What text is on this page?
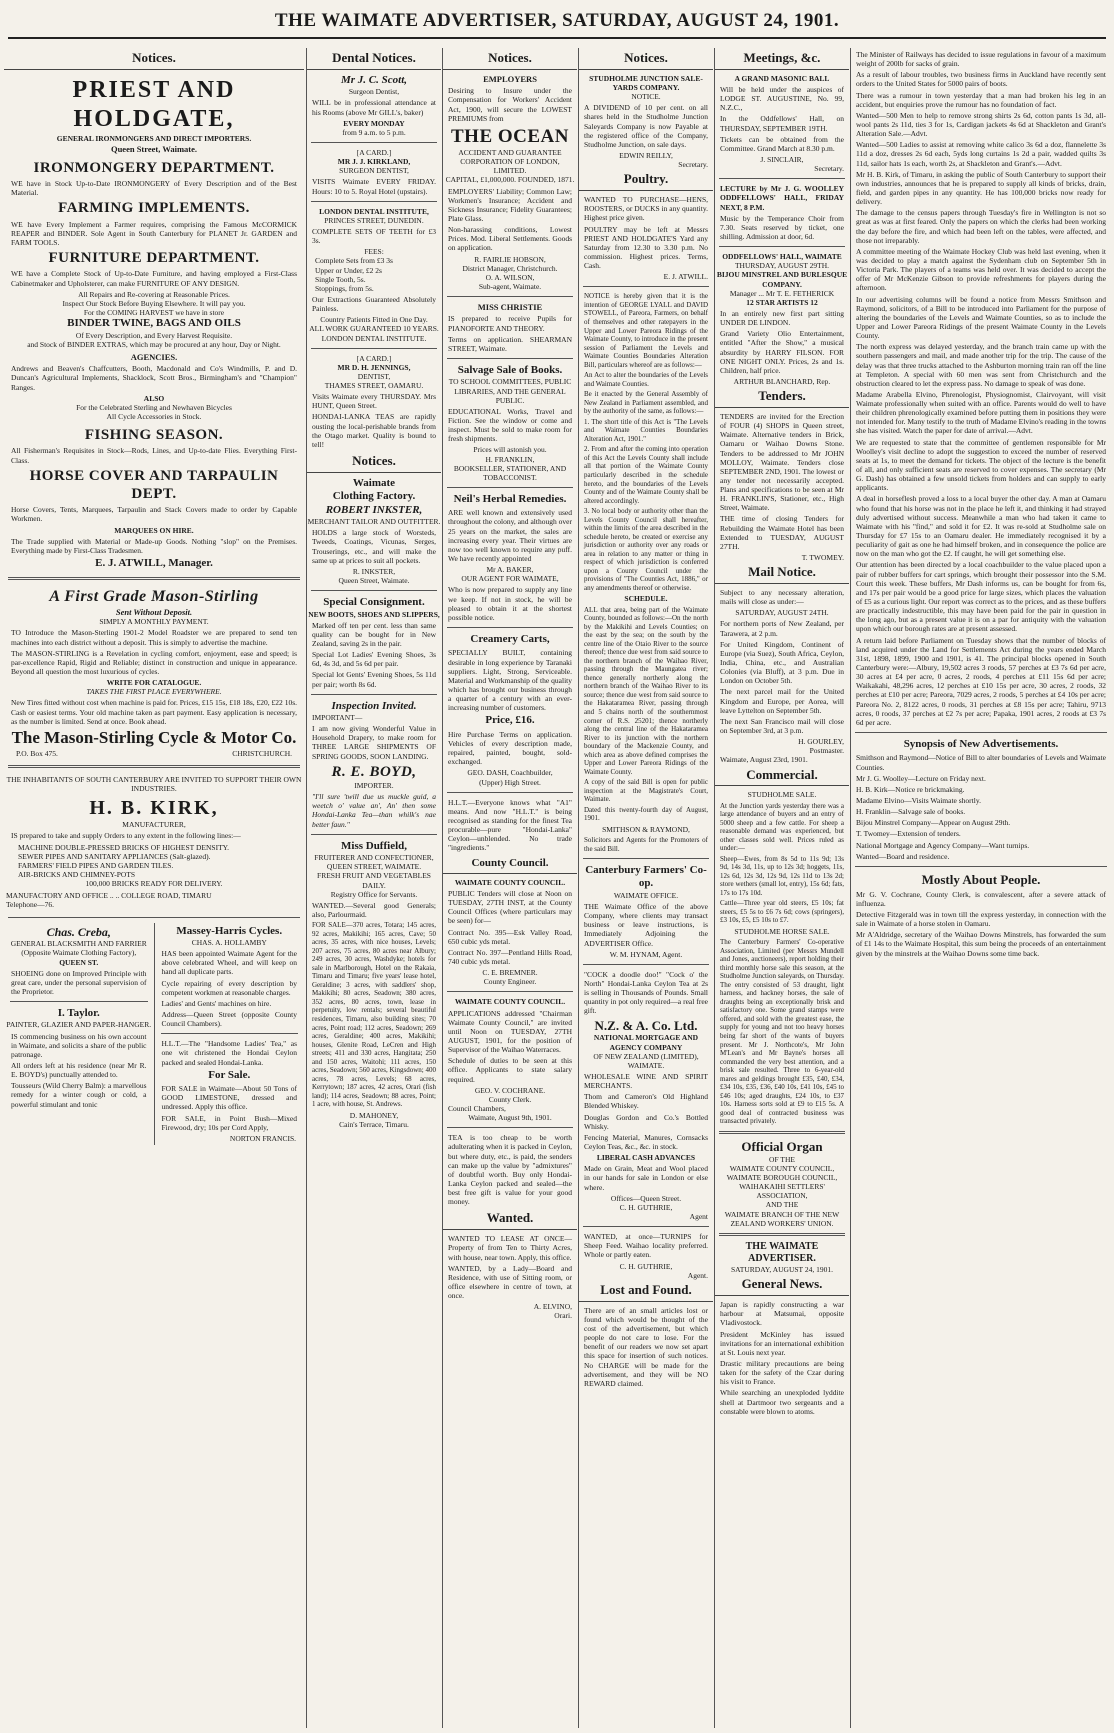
THE WAIMATE ADVERTISER, SATURDAY, AUGUST 24, 1901.
Notices.
PRIEST AND HOLDGATE,
GENERAL IRONMONGERS AND DIRECT IMPORTERS.
Queen Street, Waimate.
IRONMONGERY DEPARTMENT.

WE have in Stock Up-to-Date IRONMONGERY of Every Description and of the Best Material.

FARMING IMPLEMENTS.

WE have Every Implement a Farmer requires, comprising the Famous McCORMICK REAPER and BINDER. Sole Agent in South Canterbury for PLANET Jr. GARDEN and FARM TOOLS.

FURNITURE DEPARTMENT.

WE have a Complete Stock of Up-to-Date Furniture, and having employed a First-Class Cabinetmaker and Upholsterer, can make FURNITURE OF ANY DESIGN.

All Repairs and Re-covering at Reasonable Prices.
Inspect Our Stock Before Buying Elsewhere. It will pay you.
For the COMING HARVEST we have in store
BINDER TWINE, BAGS AND OILS
Of Every Description, and Every Harvest Requisite.
and Stock of BINDER EXTRAS, which may be procured at any hour, Day or Night.
AGENCIES.

Andrews and Beaven's Chaffcutters, Booth, Macdonald and Co's Windmills, P. and D. Duncan's Agricultural Implements, Shacklock, Scott Bros., Birmingham's and "Champion" Ranges.

ALSO
For the Celebrated Sterling and Newhaven Bicycles
All Cycle Accessories in Stock.
FISHING SEASON.

All Fisherman's Requisites in Stock—Rods, Lines, and Up-to-date Flies. Everything First-Class.

HORSE COVER AND TARPAULIN DEPT.

Horse Covers, Tents, Marquees, Tarpaulin and Stack Covers made to order by Capable Workmen.

MARQUEES ON HIRE.

The Trade supplied with Material or Made-up Goods. Nothing "slop" on the Premises. Everything made by First-Class Tradesmen.

E. J. ATWILL, Manager.
A First Grade Mason-Stirling
Sent Without Deposit.
SIMPLY A MONTHLY PAYMENT.

TO Introduce the Mason-Sterling 1901-2 Model Roadster we are prepared to send ten machines into each district without a deposit. This is simply to advertise the machine.

The MASON-STIRLING is a Revelation in cycling comfort, enjoyment, ease and speed; is par-excellence Rapid, Rigid and Reliable; distinct in construction and unique in appearance. Beyond all question the most luxurious of cycles.

WRITE FOR CATALOGUE.
TAKES THE FIRST PLACE EVERYWHERE.

New Tires fitted without cost when machine is paid for. Prices, £15 15s, £18 18s, £20, £22 10s. Cash or easiest terms. Your old machine taken as part payment. Easy application is necessary, as the number is limited. Send at once. Book ahead.

The Mason-Stirling Cycle & Motor Co.
P.O. Box 475.	CHRISTCHURCH.
THE INHABITANTS OF SOUTH CANTERBURY ARE INVITED TO SUPPORT THEIR OWN INDUSTRIES.
H. B. KIRK,
MANUFACTURER,

IS prepared to take and supply Orders to any extent in the following lines:—

MACHINE DOUBLE-PRESSED BRICKS OF HIGHEST DENSITY.
SEWER PIPES AND SANITARY APPLIANCES (Salt-glazed).
FARMERS' FIELD PIPES AND GARDEN TILES.
AIR-BRICKS AND CHIMNEY-POTS
100,000 BRICKS READY FOR DELIVERY.
MANUFACTORY AND OFFICE .. .. COLLEGE ROAD, TIMARU
Telephone—76.
Chas. Creba,
GENERAL BLACKSMITH AND FARRIER
(Opposite Waimate Clothing Factory),
QUEEN ST.

SHOEING done on Improved Principle with great care, under the personal supervision of the Proprietor.

I. Taylor.
PAINTER, GLAZIER AND PAPER-HANGER.

IS commencing business on his own account in Waimate, and solicits a share of the public patronage.

All orders left at his residence (near Mr R. E. BOYD's) punctually attended to.

Tousseurs (Wild Cherry Balm): a marvellous remedy for a winter cough or cold, a powerful stimulant and tonic

Massey-Harris Cycles.
CHAS. A. HOLLAMBY

HAS been appointed Waimate Agent for the above celebrated Wheel, and will keep on hand all duplicate parts.

Cycle repairing of every description by competent workmen at reasonable charges.

Ladies' and Gents' machines on hire.

Address—Queen Street (opposite County Council Chambers).

H.L.T.—The "Handsome Ladies' Tea," as one wit christened the Hondai Ceylon packed and sealed Hondai-Lanka.

For Sale.

FOR SALE in Waimate—About 50 Tons of GOOD LIMESTONE, dressed and undressed. Apply this office.

FOR SALE, in Point Bush—Mixed Firewood, dry; 10s per Cord Apply,

NORTON FRANCIS.
Dental Notices.
Mr J. C. Scott,
Surgeon Dentist,

WILL be in professional attendance at his Rooms (above Mr GILL's, baker)

EVERY MONDAY
from 9 a.m. to 5 p.m.
[A CARD.]
MR J. J. KIRKLAND,
SURGEON DENTIST,

VISITS Waimate EVERY FRIDAY. Hours: 10 to 5. Royal Hotel (upstairs).

LONDON DENTAL INSTITUTE,
PRINCES STREET, DUNEDIN.

COMPLETE SETS OF TEETH for £3 3s.

FEES:
Complete Sets from £3 3s
Upper or Under, £2 2s
Single Tooth, 5s.
Stoppings, from 5s.

Our Extractions Guaranteed Absolutely Painless.

Country Patients Fitted in One Day.
ALL WORK GUARANTEED 10 YEARS.
LONDON DENTAL INSTITUTE.
[A CARD.]
MR D. H. JENNINGS,
DENTIST,
THAMES STREET, OAMARU.

Visits Waimate every THURSDAY. Mrs HUNT, Queen Street.

HONDAI-LANKA TEAS are rapidly ousting the local-perishable brands from the Otago market. Quality is bound to tell!

Notices.
Waimate
Clothing Factory.
ROBERT INKSTER,
MERCHANT TAILOR AND OUTFITTER.

HOLDS a large stock of Worsteds, Tweeds, Coatings, Vicunas, Serges, Trouserings, etc., and will make the same up at prices to suit all pockets.

R. INKSTER,
Queen Street, Waimate.
Special Consignment.
NEW BOOTS, SHOES AND SLIPPERS,

Marked off ten per cent. less than same quality can be bought for in New Zealand, saving 2s in the pair.

Special Lot Ladies' Evening Shoes, 3s 6d, 4s 3d, and 5s 6d per pair.

Special lot Gents' Evening Shoes, 5s 11d per pair; worth 8s 6d.

Inspection Invited.
IMPORTANT—

I am now giving Wonderful Value in Household Drapery, to make room for THREE LARGE SHIPMENTS OF SPRING GOODS, SOON LANDING.

R. E. BOYD,
IMPORTER.

"I'll sure 'twill due us muckle guid, a weetch o' value an', An' then some Hondai-Lanka Tea—than whilk's nae better faun."

Miss Duffield,
FRUITERER AND CONFECTIONER,
QUEEN STREET, WAIMATE.
FRESH FRUIT AND VEGETABLES DAILY.
Registry Office for Servants.

WANTED.—Several good Generals; also, Parlourmaid.

FOR SALE—370 acres, Totara; 145 acres, 92 acres, Makikihi; 165 acres, Cave; 50 acres, 35 acres, with nice houses, Levels; 207 acres, 75 acres, 80 acres near Albury; 249 acres, 30 acres, Washdyke; hotels for sale in Marlborough, Hotel on the Rakaia, Timaru and Timaru; five years' lease hotel, Geraldine; 3 acres, with saddlers' shop, Makikihi; 80 acres, Seadown; 380 acres, 352 acres, 80 acres, town, lease in perpetuity, low rentals; several beautiful residences, Timaru, also building sites; 70 acres, Point road; 112 acres, Seadown; 269 acres, Geraldine; 400 acres, Makikihi; houses, Glenite Road, LeCren and High streets; 411 and 330 acres, Hangitata; 250 and 150 acres, Waitohi; 111 acres, 150 acres, Seadown; 560 acres, Kingsdown; 400 acres, 78 acres, Levels; 68 acres, Kerrytown; 187 acres, 42 acres, Orari (fish land); 114 acres, Seadown; 88 acres, Point; 1 acre, with house, St. Andrews.

D. MAHONEY,
Cain's Terrace, Timaru.
Notices.
EMPLOYERS

Desiring to Insure under the Compensation for Workers' Accident Act, 1900, will secure the LOWEST PREMIUMS from

THE OCEAN
ACCIDENT AND GUARANTEE
CORPORATION OF LONDON,
LIMITED.
CAPITAL, £1,000,000. FOUNDED, 1871.

EMPLOYERS' Liability; Common Law; Workmen's Insurance; Accident and Sickness Insurance; Fidelity Guarantees; Plate Glass.

Non-harassing conditions, Lowest Prices. Mod. Liberal Settlements. Goods on application.

R. FAIRLIE HOBSON,
District Manager, Christchurch.
O. A. WILSON,
Sub-agent, Waimate.
MISS CHRISTIE

IS prepared to receive Pupils for PIANOFORTE AND THEORY.

Terms on application. SHEARMAN STREET, Waimate.

Salvage Sale of Books.
TO SCHOOL COMMITTEES, PUBLIC LIBRARIES, AND THE GENERAL PUBLIC.

EDUCATIONAL Works, Travel and Fiction. See the window or come and inspect. Must be sold to make room for fresh shipments.

Prices will astonish you.
H. FRANKLIN,
BOOKSELLER, STATIONER, AND TOBACCONIST.
Neil's Herbal Remedies.

ARE well known and extensively used throughout the colony, and although over 25 years on the market, the sales are increasing every year. Their virtues are now too well known to require any puff. We have recently appointed

Mr A. BAKER,
OUR AGENT FOR WAIMATE,

Who is now prepared to supply any line we keep. If not in stock, he will be pleased to obtain it at the shortest possible notice.

Creamery Carts,

SPECIALLY BUILT, containing desirable in long experience by Taranaki suppliers. Light, Strong, Serviceable. Material and Workmanship of the quality which has brought our business through a quarter of a century with an ever-increasing number of customers.

Price, £16.

Hire Purchase Terms on application. Vehicles of every description made, repaired, painted, bought, sold-exchanged.

GEO. DASH, Coachbuilder,
(Upper) High Street.

H.L.T.—Everyone knows what "A1" means. And now "H.L.T." is being recognised as standing for the finest Tea procurable—pure "Hondai-Lanka" Ceylon—unblended. No trade "ingredients."

County Council.
WAIMATE COUNTY COUNCIL.

PUBLIC Tenders will close at Noon on TUESDAY, 27TH INST, at the County Council Offices (where particulars may be seen) for—

Contract No. 395—Esk Valley Road, 650 cubic yds metal.

Contract No. 397—Pentland Hills Road, 740 cubic yds metal.

C. E. BREMNER.
County Engineer.
WAIMATE COUNTY COUNCIL.

APPLICATIONS addressed "Chairman Waimate County Council," are invited until Noon on TUESDAY, 27TH AUGUST, 1901, for the position of Supervisor of the Waihao Waterraces.

Schedule of duties to be seen at this office. Applicants to state salary required.

GEO. V. COCHRANE.
County Clerk.
Council Chambers,
Waimate, August 9th, 1901.

TEA is too cheap to be worth adulterating when it is packed in Ceylon, but where duty, etc., is paid, the senders can make up the value by "admixtures" of doubtful worth. Buy only Hondai-Lanka Ceylon packed and sealed—the best free gift is value for your good money.

Wanted.

WANTED TO LEASE AT ONCE—Property of from Ten to Thirty Acres, with house, near town. Apply, this office.

WANTED, by a Lady—Board and Residence, with use of Sitting room, or office elsewhere in centre of town, at once.

A. ELVINO,
Orari.
Notices.
STUDHOLME JUNCTION SALE-YARDS COMPANY.
NOTICE.

A DIVIDEND of 10 per cent. on all shares held in the Studholme Junction Saleyards Company is now Payable at the registered office of the Company, Studholme Junction, on sale days.

EDWIN REILLY,
Secretary.
Poultry.

WANTED TO PURCHASE—HENS, ROOSTERS, or DUCKS in any quantity. Highest price given.

POULTRY may be left at Messrs PRIEST AND HOLDGATE'S Yard any Saturday from 12.30 to 3.30 p.m. No commission. Highest prices. Terms, Cash.

E. J. ATWILL.

NOTICE is hereby given that it is the intention of GEORGE LYALL and DAVID STOWELL, of Pareora, Farmers, on behalf of themselves and other ratepayers in the Upper and Lower Pareora Ridings of the Waimate County, to introduce in the present session of Parliament the Levels and Waimate Counties Boundaries Alteration Bill, particulars whereof are as follows:—

An Act to alter the boundaries of the Levels and Waimate Counties.

Be it enacted by the General Assembly of New Zealand in Parliament assembled, and by the authority of the same, as follows:—

1. The short title of this Act is "The Levels and Waimate Counties Boundaries Alteration Act, 1901."

2. From and after the coming into operation of this Act the Levels County shall include all that portion of the Waimate County particularly described in the schedule hereto, and the boundaries of the Levels County and of the Waimate County shall be altered accordingly.

3. No local body or authority other than the Levels County Council shall hereafter, within the limits of the area described in the schedule hereto, be created or exercise any jurisdiction or authority over any roads or area in relation to any matter or thing in respect of which jurisdiction is conferred upon a County Council under the provisions of "The Counties Act, 1886," or any amendments thereof or otherwise.

SCHEDULE.

ALL that area, being part of the Waimate County, bounded as follows:—On the north by the Makikihi and Levels Counties; on the east by the sea; on the south by the centre line of the Otaio River to the source thereof; thence due west from said source to the northern branch of the Waihao River, passing through the Maungatea river; thence generally northerly along the northern branch of the Waihao River to its source; thence due west from said source to the Hakataramea River, passing through and 5 chains north of the southernmost corner of R.S. 25201; thence northerly along the central line of the Hakataramea River to its junction with the northern boundary of the Mackenzie County, and which area as above defined comprises the Upper and Lower Pareora Ridings of the Waimate County.

A copy of the said Bill is open for public inspection at the Magistrate's Court, Waimate.

Dated this twenty-fourth day of August, 1901.

SMITHSON & RAYMOND,

Solicitors and Agents for the Promoters of the said Bill.

Canterbury Farmers' Co-op.
WAIMATE OFFICE.

THE Waimate Office of the above Company, where clients may transact business or leave instructions, is Immediately Adjoining the ADVERTISER Office.

W. M. HYNAM, Agent.

"COCK a doodle doo!" "Cock o' the North" Hondai-Lanka Ceylon Tea at 2s is selling in Thousands of Pounds. Small quantity in pot only required—a real free gift.

N.Z. & A. Co. Ltd.
NATIONAL MORTGAGE AND AGENCY COMPANY
OF NEW ZEALAND (LIMITED), WAIMATE.

WHOLESALE WINE AND SPIRIT MERCHANTS.

Thom and Cameron's Old Highland Blended Whiskey.

Douglas Gordon and Co.'s Bottled Whisky.

Fencing Material, Manures, Cornsacks Ceylon Teas, &c., &c. in stock.

LIBERAL CASH ADVANCES

Made on Grain, Meat and Wool placed in our hands for sale in London or else where.

Offices—Queen Street.
C. H. GUTHRIE,
Agent

WANTED, at once—TURNIPS for Sheep Feed. Waihao locality preferred. Whole or partly eaten.

C. H. GUTHRIE,
Agent.
Lost and Found.

There are of an small articles lost or found which would be thought of the cost of the advertisement, but which people do not care to lose. For the benefit of our readers we now set apart this space for insertion of such notices. No CHARGE will be made for the advertisement, and they will be NO REWARD claimed.

Meetings, &c.
A GRAND MASONIC BALL

Will be held under the auspices of LODGE ST. AUGUSTINE, No. 99, N.Z.C.,

In the Oddfellows' Hall, on THURSDAY, SEPTEMBER 19TH.

Tickets can be obtained from the Committee. Grand March at 8.30 p.m.

J. SINCLAIR,
Secretary.

LECTURE by Mr J. G. WOOLLEY ODDFELLOWS' HALL, FRIDAY NEXT, 8 P.M.

Music by the Temperance Choir from 7.30. Seats reserved by ticket, one shilling. Admission at door, 6d.

ODDFELLOWS' HALL, WAIMATE
THURSDAY, AUGUST 29TH.
BIJOU MINSTREL AND BURLESQUE COMPANY.
Manager ... Mr T. E. FETHERICK
12 STAR ARTISTS 12

In an entirely new first part sitting UNDER DE LINDON.

Grand Variety Olio Entertainment, entitled "After the Show," a musical absurdity by HARRY FILSON. FOR ONE NIGHT ONLY. Prices, 2s and 1s. Children, half price.

ARTHUR BLANCHARD, Rep.
Tenders.

TENDERS are invited for the Erection of FOUR (4) SHOPS in Queen street, Waimate. Alternative tenders in Brick, Oamaru or Waihao Downs Stone. Tenders to be addressed to Mr JOHN MOLLOY, Waimate. Tenders close SEPTEMBER 2ND, 1901. The lowest or any tender not necessarily accepted. Plans and specifications to be seen at Mr H. FRANKLIN'S, Stationer, etc., High Street, Waimate.

THE time of closing Tenders for Rebuilding the Waimate Hotel has been Extended to TUESDAY, AUGUST 27TH.

T. TWOMEY.
Mail Notice.

Subject to any necessary alteration, mails will close as under:—

SATURDAY, AUGUST 24TH.

For northern ports of New Zealand, per Tarawera, at 2 p.m.

For United Kingdom, Continent of Europe (via Suez), South Africa, Ceylon, India, China, etc., and Australian Colonies (via Bluff), at 3 p.m. Due in London on October 5th.

The next parcel mail for the United Kingdom and Europe, per Aorea, will leave Lyttelton on September 5th.

The next San Francisco mail will close on September 3rd, at 3 p.m.

H. GOURLEY,
Postmaster.
Waimate, August 23rd, 1901.
Commercial.
STUDHOLME SALE.

At the Junction yards yesterday there was a large attendance of buyers and an entry of 5000 sheep and a few cattle. For sheep a reasonable demand was experienced, but other classes sold well. Prices ruled as under:—

Sheep—Ewes, from 8s 5d to 11s 9d; 13s 9d, 14s 3d, 11s, up to 12s 3d; hoggets, 11s, 12s 6d, 12s 3d, 12s 9d, 12s 11d to 13s 2d; store wethers (small lot, entry), 15s 6d; fats, 17s to 17s 10d.

Cattle—Three year old steers, £5 10s; fat steers, £5 5s to £6 7s 6d; cows (springers), £3 10s, £5, £5 10s to £7.

STUDHOLME HORSE SALE.

The Canterbury Farmers' Co-operative Association, Limited (per Messrs Mundell and Jones, auctioneers), report holding their third monthly horse sale this season, at the Studholme Junction saleyards, on Thursday. The entry consisted of 53 draught, light harness, and hackney horses, the sale of draughts being an exceptionally brisk and satisfactory one. Some grand stamps were offered, and sold with the greatest ease, the supply for young and not too heavy horses being far short of the wants of buyers present. Mr J. Northcote's, Mr John M'Lean's and Mr Bayne's horses all commanded the very best attention, and a brisk sale resulted. Three to 6-year-old mares and geldings brought £35, £40, £34, £34 10s, £35, £36, £40 10s, £41 10s, £45 to £46 10s; aged draughts, £24 10s, to £37 10s. Harness sorts sold at £9 to £15 5s. A good deal of contracted business was transacted privately.

Official Organ
OF THE
WAIMATE COUNTY COUNCIL,
WAIMATE BOROUGH COUNCIL,
WAIHAKAIHI SETTLERS' ASSOCIATION,
AND THE
WAIMATE BRANCH OF THE NEW ZEALAND WORKERS' UNION.
THE WAIMATE ADVERTISER.
SATURDAY, AUGUST 24, 1901.
General News.

Japan is rapidly constructing a war harbour at Matsumai, opposite Vladivostock.

President McKinley has issued invitations for an international exhibition at St. Louis next year.

Drastic military precautions are being taken for the safety of the Czar during his visit to France.

While searching an unexploded lyddite shell at Dartmoor two sergeants and a constable were blown to atoms.

The Minister of Railways has decided to issue regulations in favour of a maximum weight of 200lb for sacks of grain.

As a result of labour troubles, two business firms in Auckland have recently sent orders to the United States for 5000 pairs of boots.

There was a rumour in town yesterday that a man had broken his leg in an accident, but enquiries prove the rumour has no foundation of fact.

Wanted—500 Men to help to remove strong shirts 2s 6d, cotton pants 1s 3d, all-wool pants 2s 11d, ties 3 for 1s, Cardigan jackets 4s 6d at Shackleton and Grant's Alteration Sale.—Advt.

Wanted—500 Ladies to assist at removing white calico 3s 6d a doz, flannelette 3s 11d a doz, dresses 2s 6d each, 5yds long curtains 1s 2d a pair, wadded quilts 3s 11d, sailor hats 1s each, worth 2s, at Shackleton and Grant's.—Advt.

Mr H. B. Kirk, of Timaru, in asking the public of South Canterbury to support their own industries, announces that he is prepared to supply all kinds of bricks, drain, field, and garden pipes in any quantity. He has 100,000 bricks now ready for delivery.

The damage to the census papers through Tuesday's fire in Wellington is not so great as was at first feared. Only the papers on which the clerks had been working the day before the fire, and which had been left on the tables, were affected, and those not irreparably.

A committee meeting of the Waimate Hockey Club was held last evening, when it was decided to play a match against the Sydenham club on September 5th in Victoria Park. The players of a teams was held over. It was decided to accept the offer of Mr McKenzie Gibson to provide refreshments for players during the afternoon.

In our advertising columns will be found a notice from Messrs Smithson and Raymond, solicitors, of a Bill to be introduced into Parliament for the purpose of altering the boundaries of the Levels and Waimate Counties, so as to include the Upper and Lower Pareora Ridings of the present Waimate County in the Levels County.

The north express was delayed yesterday, and the branch train came up with the southern passengers and mail, and made another trip for the trip. The cause of the delay was that three trucks attached to the Ashburton morning train ran off the line at Templeton. A special with 60 men was sent from Christchurch and the obstruction cleared to let the express pass. No damage to speak of was done.

Madame Arabella Elvino, Phrenologist, Physiognomist, Clairvoyant, will visit Waimate professionally when suited with an office. Parents would do well to have their children phrenologically examined before putting them in positions they were not intended for. Many testify to the truth of Madame Elvino's reading in the towns she has visited. Watch the paper for date of arrival.—Advt.

We are requested to state that the committee of gentlemen responsible for Mr Woolley's visit decline to adopt the suggestion to exceed the number of reserved seats at 1s, to meet the demand for tickets. The object of the lecture is the benefit of all, and only sufficient seats are reserved to cover expenses. The secretary (Mr G. Dash) has obtained a few unsold tickets from holders and can supply to early applicants.

A deal in horseflesh proved a loss to a local buyer the other day. A man at Oamaru who found that his horse was not in the place he left it, and thinking it had strayed duly advertised without success. Meanwhile a man who had taken it came to Waimate with his "find," and sold it for £2. It was re-sold at Studholme sale on Thursday for £7 15s to an Oamaru dealer. He immediately recognised it by a peculiarity of gait as one he had himself broken, and in consequence the police are now on the man who got the £2. If caught, he will get something else.

Our attention has been directed by a local coachbuilder to the value placed upon a pair of rubber buffers for cart springs, which brought their possessor into the S.M. Court this week. These buffers, Mr Dash informs us, can be bought for from 6s, and 17s per pair would be a good price for large sizes, which places the valuation of £5 as a curious light. Our report was correct as to the prices, and as these buffers are practically indestructible, this may have been paid for the pair in question in the long ago, but as a present value it is on a par for antiquity with the valuation upon which our borough rates are at present assessed.

A return laid before Parliament on Tuesday shows that the number of blocks of land acquired under the Land for Settlements Act during the years ended March 31st, 1898, 1899, 1900 and 1901, is 41. The principal blocks opened in South Canterbury were:—Albury, 19,502 acres 3 roods, 57 perches at £3 7s 6d per acre, 30 acres at £4 per acre, 0 acres, 2 roods, 4 perches at £11 15s 6d per acre; Waikakahi, 48,296 acres, 12 perches at £10 15s per acre, 30 acres, 2 roods, 32 perches at £10 per acre; Pareora, 7029 acres, 2 roods, 5 perches at £4 10s per acre; Pareora No. 2, 8122 acres, 0 roods, 31 perches at £8 15s per acre; Tahiru, 9713 acres, 0 roods, 37 perches at £2 7s per acre; Papaka, 1901 acres, 2 roods at £3 7s 6d per acre.

Synopsis of New Advertisements.

Smithson and Raymond—Notice of Bill to alter boundaries of Levels and Waimate Counties.

Mr J. G. Woolley—Lecture on Friday next.

H. B. Kirk—Notice re brickmaking.

Madame Elvino—Visits Waimate shortly.

H. Franklin—Salvage sale of books.

Bijou Minstrel Company—Appear on August 29th.

T. Twomey—Extension of tenders.

National Mortgage and Agency Company—Want turnips.

Wanted—Board and residence.

Mostly About People.

Mr G. V. Cochrane, County Clerk, is convalescent, after a severe attack of influenza.

Detective Fitzgerald was in town till the express yesterday, in connection with the sale in Waimate of a horse stolen in Oamaru.

Mr A'Aldridge, secretary of the Waihao Downs Minstrels, has forwarded the sum of £1 14s to the Waimate Hospital, this sum being the proceeds of an entertainment given by the minstrels at the Waihao Downs some time back.
